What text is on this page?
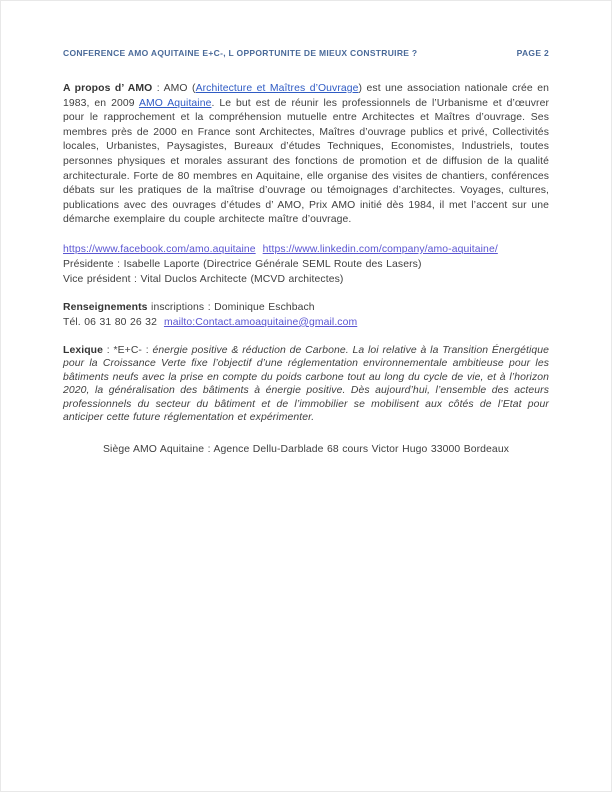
CONFERENCE AMO AQUITAINE E+C-, L OPPORTUNITE DE MIEUX CONSTRUIRE ?	PAGE 2

A propos d’ AMO : AMO (Architecture et Maîtres d’Ouvrage) est une association nationale crée en 1983, en 2009 AMO Aquitaine. Le but est de réunir les professionnels de l’Urbanisme et d’œuvrer pour le rapprochement et la compréhension mutuelle entre Architectes et Maîtres d’ouvrage. Ses membres près de 2000 en France sont Architectes, Maîtres d’ouvrage publics et privé, Collectivités locales, Urbanistes, Paysagistes, Bureaux d’études Techniques, Economistes, Industriels, toutes personnes physiques et morales assurant des fonctions de promotion et de diffusion de la qualité architecturale. Forte de 80 membres en Aquitaine, elle organise des visites de chantiers, conférences débats sur les pratiques de la maîtrise d’ouvrage ou témoignages d’architectes. Voyages, cultures, publications avec des ouvrages d’études d’ AMO, Prix AMO initié dès 1984, il met l’accent sur une démarche exemplaire du couple architecte maître d’ouvrage.

https://www.facebook.com/amo.aquitaine https://www.linkedin.com/company/amo-aquitaine/
Présidente : Isabelle Laporte (Directrice Générale SEML Route des Lasers)
Vice président : Vital Duclos Architecte (MCVD architectes)
Renseignements inscriptions : Dominique Eschbach
Tél. 06 31 80 26 32 mailto:Contact.amoaquitaine@gmail.com

Lexique : *E+C- : énergie positive & réduction de Carbone. La loi relative à la Transition Énergétique pour la Croissance Verte fixe l’objectif d’une réglementation environnementale ambitieuse pour les bâtiments neufs avec la prise en compte du poids carbone tout au long du cycle de vie, et à l’horizon 2020, la généralisation des bâtiments à énergie positive. Dès aujourd’hui, l’ensemble des acteurs professionnels du secteur du bâtiment et de l’immobilier se mobilisent aux côtés de l’Etat pour anticiper cette future réglementation et expérimenter.

Siège AMO Aquitaine : Agence Dellu-Darblade 68 cours Victor Hugo 33000 Bordeaux
